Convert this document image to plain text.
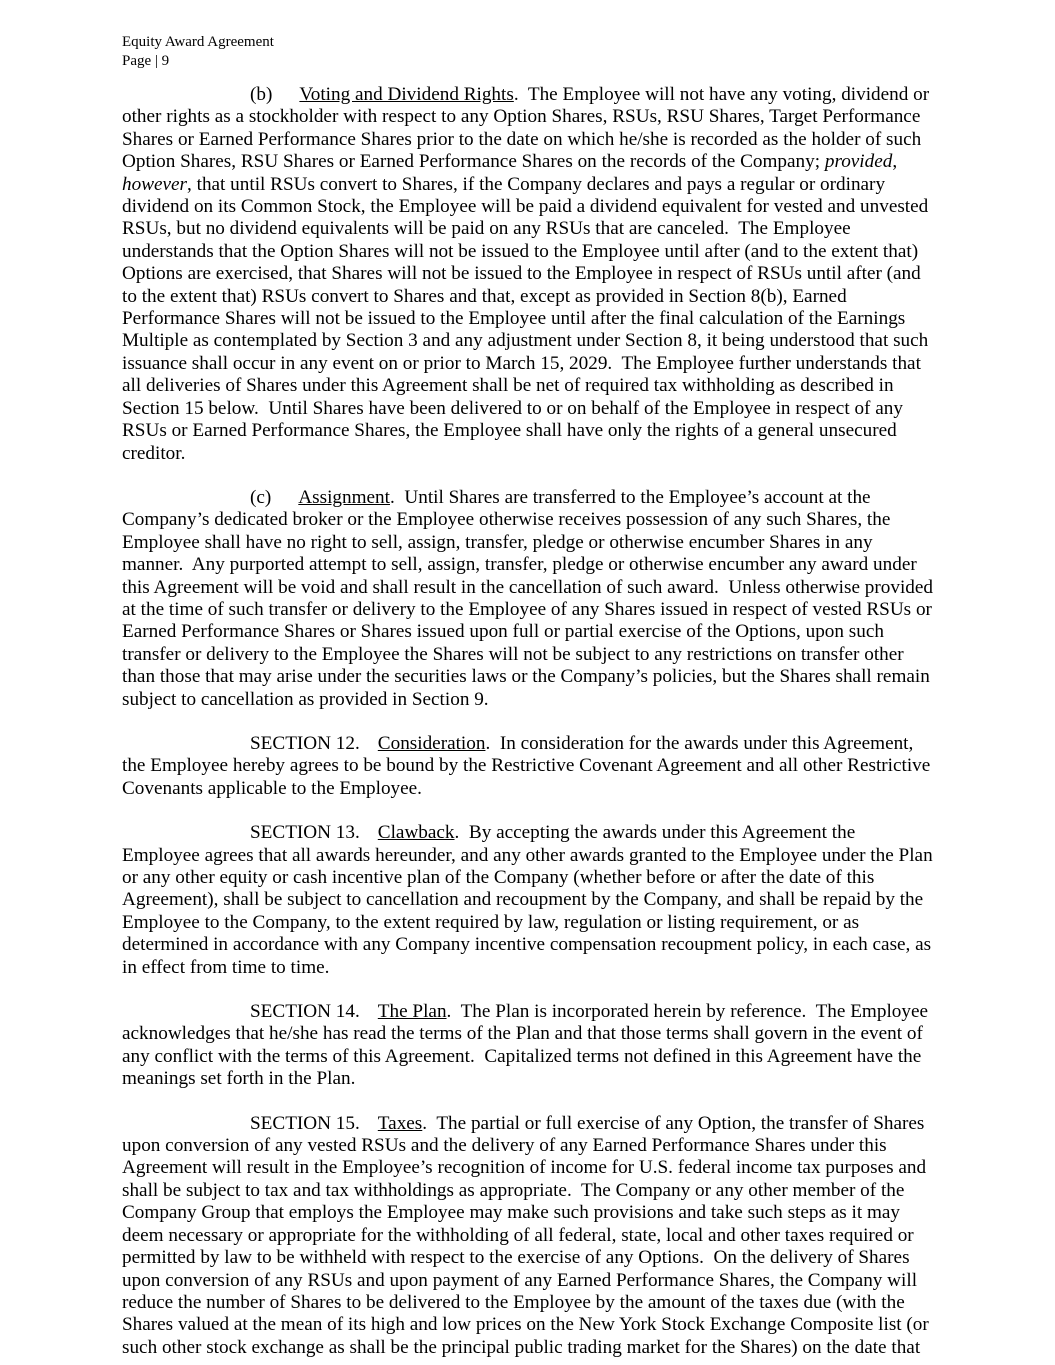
Equity Award Agreement
Page | 9

(b) Voting and Dividend Rights.  The Employee will not have any voting, dividend or other rights as a stockholder with respect to any Option Shares, RSUs, RSU Shares, Target Performance Shares or Earned Performance Shares prior to the date on which he/she is recorded as the holder of such Option Shares, RSU Shares or Earned Performance Shares on the records of the Company; provided, however, that until RSUs convert to Shares, if the Company declares and pays a regular or ordinary dividend on its Common Stock, the Employee will be paid a dividend equivalent for vested and unvested RSUs, but no dividend equivalents will be paid on any RSUs that are canceled.  The Employee understands that the Option Shares will not be issued to the Employee until after (and to the extent that) Options are exercised, that Shares will not be issued to the Employee in respect of RSUs until after (and to the extent that) RSUs convert to Shares and that, except as provided in Section 8(b), Earned Performance Shares will not be issued to the Employee until after the final calculation of the Earnings Multiple as contemplated by Section 3 and any adjustment under Section 8, it being understood that such issuance shall occur in any event on or prior to March 15, 2029.  The Employee further understands that all deliveries of Shares under this Agreement shall be net of required tax withholding as described in Section 15 below.  Until Shares have been delivered to or on behalf of the Employee in respect of any RSUs or Earned Performance Shares, the Employee shall have only the rights of a general unsecured creditor.

(c) Assignment.  Until Shares are transferred to the Employee’s account at the Company’s dedicated broker or the Employee otherwise receives possession of any such Shares, the Employee shall have no right to sell, assign, transfer, pledge or otherwise encumber Shares in any manner.  Any purported attempt to sell, assign, transfer, pledge or otherwise encumber any award under this Agreement will be void and shall result in the cancellation of such award.  Unless otherwise provided at the time of such transfer or delivery to the Employee of any Shares issued in respect of vested RSUs or Earned Performance Shares or Shares issued upon full or partial exercise of the Options, upon such transfer or delivery to the Employee the Shares will not be subject to any restrictions on transfer other than those that may arise under the securities laws or the Company’s policies, but the Shares shall remain subject to cancellation as provided in Section 9.

SECTION 12. Consideration.  In consideration for the awards under this Agreement, the Employee hereby agrees to be bound by the Restrictive Covenant Agreement and all other Restrictive Covenants applicable to the Employee.

SECTION 13. Clawback.  By accepting the awards under this Agreement the Employee agrees that all awards hereunder, and any other awards granted to the Employee under the Plan or any other equity or cash incentive plan of the Company (whether before or after the date of this Agreement), shall be subject to cancellation and recoupment by the Company, and shall be repaid by the Employee to the Company, to the extent required by law, regulation or listing requirement, or as determined in accordance with any Company incentive compensation recoupment policy, in each case, as in effect from time to time.

SECTION 14. The Plan.  The Plan is incorporated herein by reference.  The Employee acknowledges that he/she has read the terms of the Plan and that those terms shall govern in the event of any conflict with the terms of this Agreement.  Capitalized terms not defined in this Agreement have the meanings set forth in the Plan.

SECTION 15. Taxes.  The partial or full exercise of any Option, the transfer of Shares upon conversion of any vested RSUs and the delivery of any Earned Performance Shares under this Agreement will result in the Employee’s recognition of income for U.S. federal income tax purposes and shall be subject to tax and tax withholdings as appropriate.  The Company or any other member of the Company Group that employs the Employee may make such provisions and take such steps as it may deem necessary or appropriate for the withholding of all federal, state, local and other taxes required or permitted by law to be withheld with respect to the exercise of any Options.  On the delivery of Shares upon conversion of any RSUs and upon payment of any Earned Performance Shares, the Company will reduce the number of Shares to be delivered to the Employee by the amount of the taxes due (with the Shares valued at the mean of its high and low prices on the New York Stock Exchange Composite list (or such other stock exchange as shall be the principal public trading market for the Shares) on the date that
